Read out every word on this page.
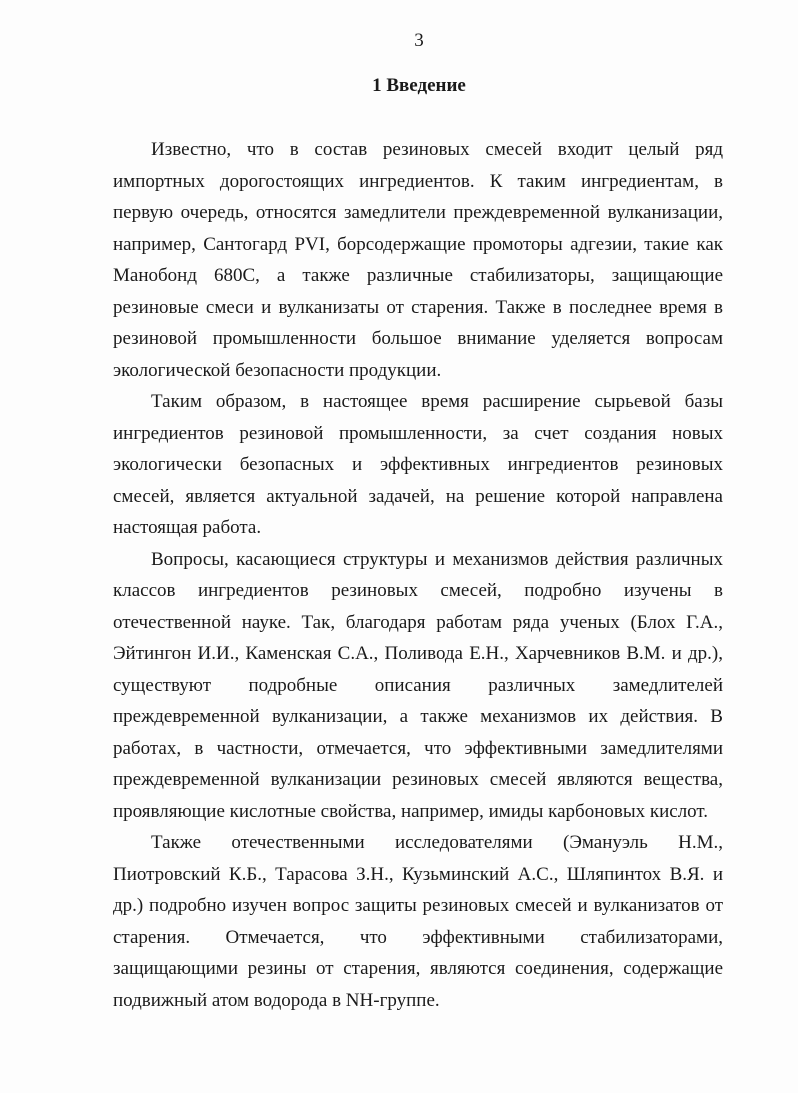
3
1 Введение

Известно, что в состав резиновых смесей входит целый ряд импортных дорогостоящих ингредиентов. К таким ингредиентам, в первую очередь, относятся замедлители преждевременной вулканизации, например, Сантогард PVI, борсодержащие промоторы адгезии, такие как Манобонд 680С, а также различные стабилизаторы, защищающие резиновые смеси и вулканизаты от старения. Также в последнее время в резиновой промышленности большое внимание уделяется вопросам экологической безопасности продукции.

Таким образом, в настоящее время расширение сырьевой базы ингредиентов резиновой промышленности, за счет создания новых экологически безопасных и эффективных ингредиентов резиновых смесей, является актуальной задачей, на решение которой направлена настоящая работа.

Вопросы, касающиеся структуры и механизмов действия различных классов ингредиентов резиновых смесей, подробно изучены в отечественной науке. Так, благодаря работам ряда ученых (Блох Г.А., Эйтингон И.И., Каменская С.А., Поливода Е.Н., Харчевников В.М. и др.), существуют подробные описания различных замедлителей преждевременной вулканизации, а также механизмов их действия. В работах, в частности, отмечается, что эффективными замедлителями преждевременной вулканизации резиновых смесей являются вещества, проявляющие кислотные свойства, например, имиды карбоновых кислот.

Также отечественными исследователями (Эмануэль Н.М., Пиотровский К.Б., Тарасова З.Н., Кузьминский А.С., Шляпинтох В.Я. и др.) подробно изучен вопрос защиты резиновых смесей и вулканизатов от старения. Отмечается, что эффективными стабилизаторами, защищающими резины от старения, являются соединения, содержащие подвижный атом водорода в NH-группе.
